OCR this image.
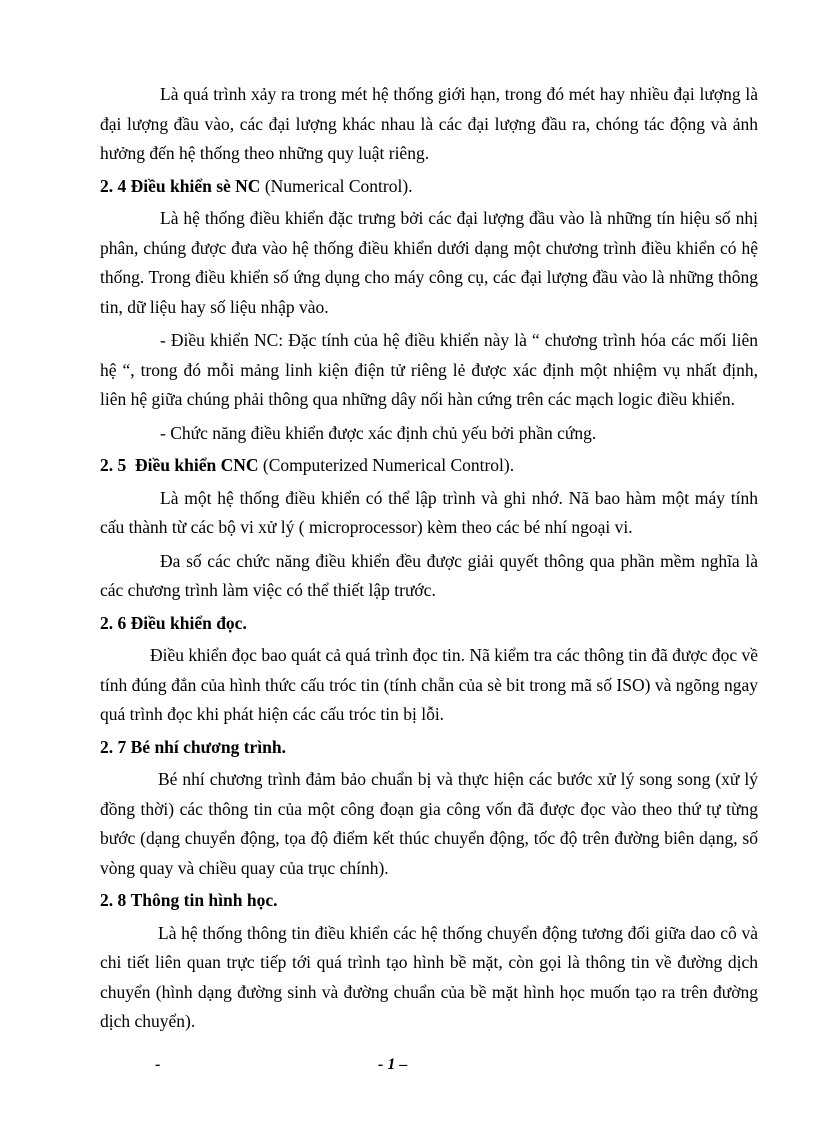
Là quá trình xảy ra trong mét hệ thống giới hạn, trong đó mét hay nhiều đại lượng là đại lượng đầu vào, các đại lượng khác nhau là các đại lượng đầu ra, chóng tác động và ảnh hưởng đến hệ thống theo những quy luật riêng.

2. 4 Điều khiển sè NC (Numerical Control).

Là hệ thống điều khiển đặc trưng bởi các đại lượng đầu vào là những tín hiệu số nhị phân, chúng được đưa vào hệ thống điều khiển dưới dạng một chương trình điều khiển có hệ thống. Trong điều khiển số ứng dụng cho máy công cụ, các đại lượng đầu vào là những thông tin, dữ liệu hay số liệu nhập vào.

- Điều khiển NC: Đặc tính của hệ điều khiển này là “ chương trình hóa các mối liên hệ “, trong đó mỗi mảng linh kiện điện tử riêng lẻ được xác định một nhiệm vụ nhất định, liên hệ giữa chúng phải thông qua những dây nối hàn cứng trên các mạch logic điều khiển.

- Chức năng điều khiển được xác định chủ yếu bởi phần cứng.

2. 5 Điều khiển CNC (Computerized Numerical Control).

Là một hệ thống điều khiển có thể lập trình và ghi nhớ. Nã bao hàm một máy tính cấu thành từ các bộ vi xử lý ( microprocessor) kèm theo các bé nhí ngoại vi.

Đa số các chức năng điều khiển đều được giải quyết thông qua phần mềm nghĩa là các chương trình làm việc có thể thiết lập trước.

2. 6 Điều khiển đọc.

Điều khiển đọc bao quát cả quá trình đọc tin. Nã kiểm tra các thông tin đã được đọc về tính đúng đắn của hình thức cấu tróc tin (tính chẵn của sè bit trong mã số ISO) và ngõng ngay quá trình đọc khi phát hiện các cấu tróc tin bị lỗi.

2. 7 Bé nhí chương trình.

Bé nhí chương trình đảm bảo chuẩn bị và thực hiện các bước xử lý song song (xử lý đồng thời) các thông tin của một công đoạn gia công vốn đã được đọc vào theo thứ tự từng bước (dạng chuyển động, tọa độ điểm kết thúc chuyển động, tốc độ trên đường biên dạng, số vòng quay và chiều quay của trục chính).

2. 8 Thông tin hình học.

Là hệ thống thông tin điều khiển các hệ thống chuyển động tương đối giữa dao cô và chi tiết liên quan trực tiếp tới quá trình tạo hình bề mặt, còn gọi là thông tin về đường dịch chuyển (hình dạng đường sinh và đường chuẩn của bề mặt hình học muốn tạo ra trên đường dịch chuyển).

-	- 1 –
